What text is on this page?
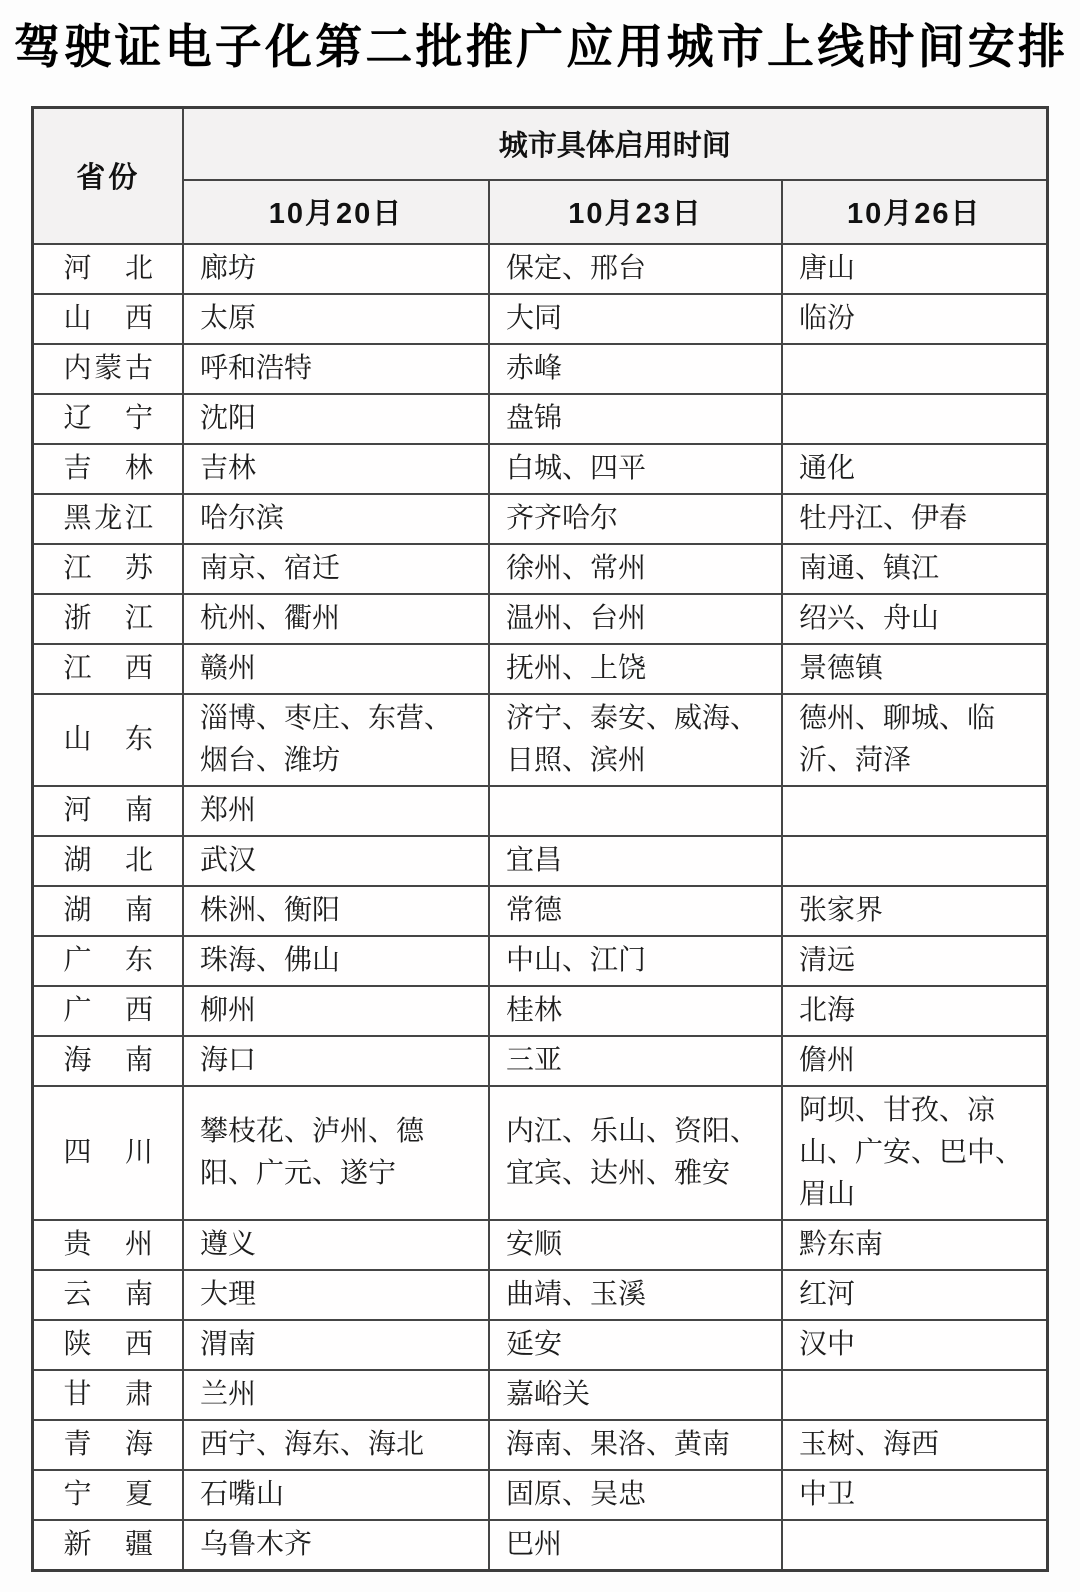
驾驶证电子化第二批推广应用城市上线时间安排
省份	城市具体启用时间		
	10月20日	10月23日	10月26日
河北	廊坊	保定、邢台	唐山
山西	太原	大同	临汾
内蒙古	呼和浩特	赤峰	
辽宁	沈阳	盘锦	
吉林	吉林	白城、四平	通化
黑龙江	哈尔滨	齐齐哈尔	牡丹江、伊春
江苏	南京、宿迁	徐州、常州	南通、镇江
浙江	杭州、衢州	温州、台州	绍兴、舟山
江西	赣州	抚州、上饶	景德镇
山东	淄博、枣庄、东营、烟台、潍坊	济宁、泰安、威海、日照、滨州	德州、聊城、临沂、菏泽
河南	郑州		
湖北	武汉	宜昌	
湖南	株洲、衡阳	常德	张家界
广东	珠海、佛山	中山、江门	清远
广西	柳州	桂林	北海
海南	海口	三亚	儋州
四川	攀枝花、泸州、德阳、广元、遂宁	内江、乐山、资阳、宜宾、达州、雅安	阿坝、甘孜、凉山、广安、巴中、眉山
贵州	遵义	安顺	黔东南
云南	大理	曲靖、玉溪	红河
陕西	渭南	延安	汉中
甘肃	兰州	嘉峪关	
青海	西宁、海东、海北	海南、果洛、黄南	玉树、海西
宁夏	石嘴山	固原、吴忠	中卫
新疆	乌鲁木齐	巴州	
